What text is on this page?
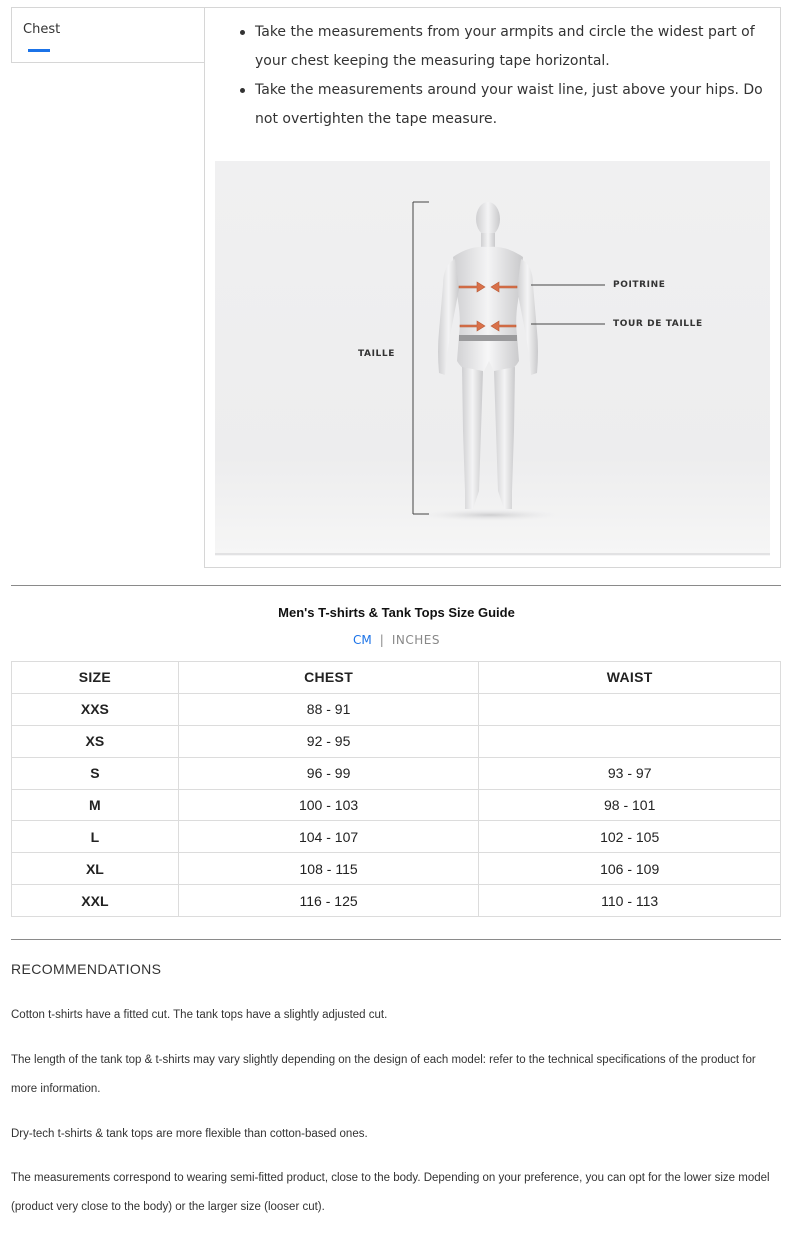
Chest	Take the measurements from your armpits and circle the widest part of your chest keeping the measuring tape horizontal.
Take the measurements around your waist line, just above your hips. Do not overtighten the tape measure.
TAILLE
POITRINE
TOUR DE TAILLE
Men's T-shirts & Tank Tops Size Guide
CM | INCHES
SIZE	CHEST	WAIST
XXS	88 - 91	
XS	92 - 95	
S	96 - 99	93 - 97
M	100 - 103	98 - 101
L	104 - 107	102 - 105
XL	108 - 115	106 - 109
XXL	116 - 125	110 - 113
RECOMMENDATIONS

Cotton t-shirts have a fitted cut. The tank tops have a slightly adjusted cut.

The length of the tank top & t-shirts may vary slightly depending on the design of each model: refer to the technical specifications of the product for more information.

Dry-tech t-shirts & tank tops are more flexible than cotton-based ones.

The measurements correspond to wearing semi-fitted product, close to the body. Depending on your preference, you can opt for the lower size model (product very close to the body) or the larger size (looser cut).
